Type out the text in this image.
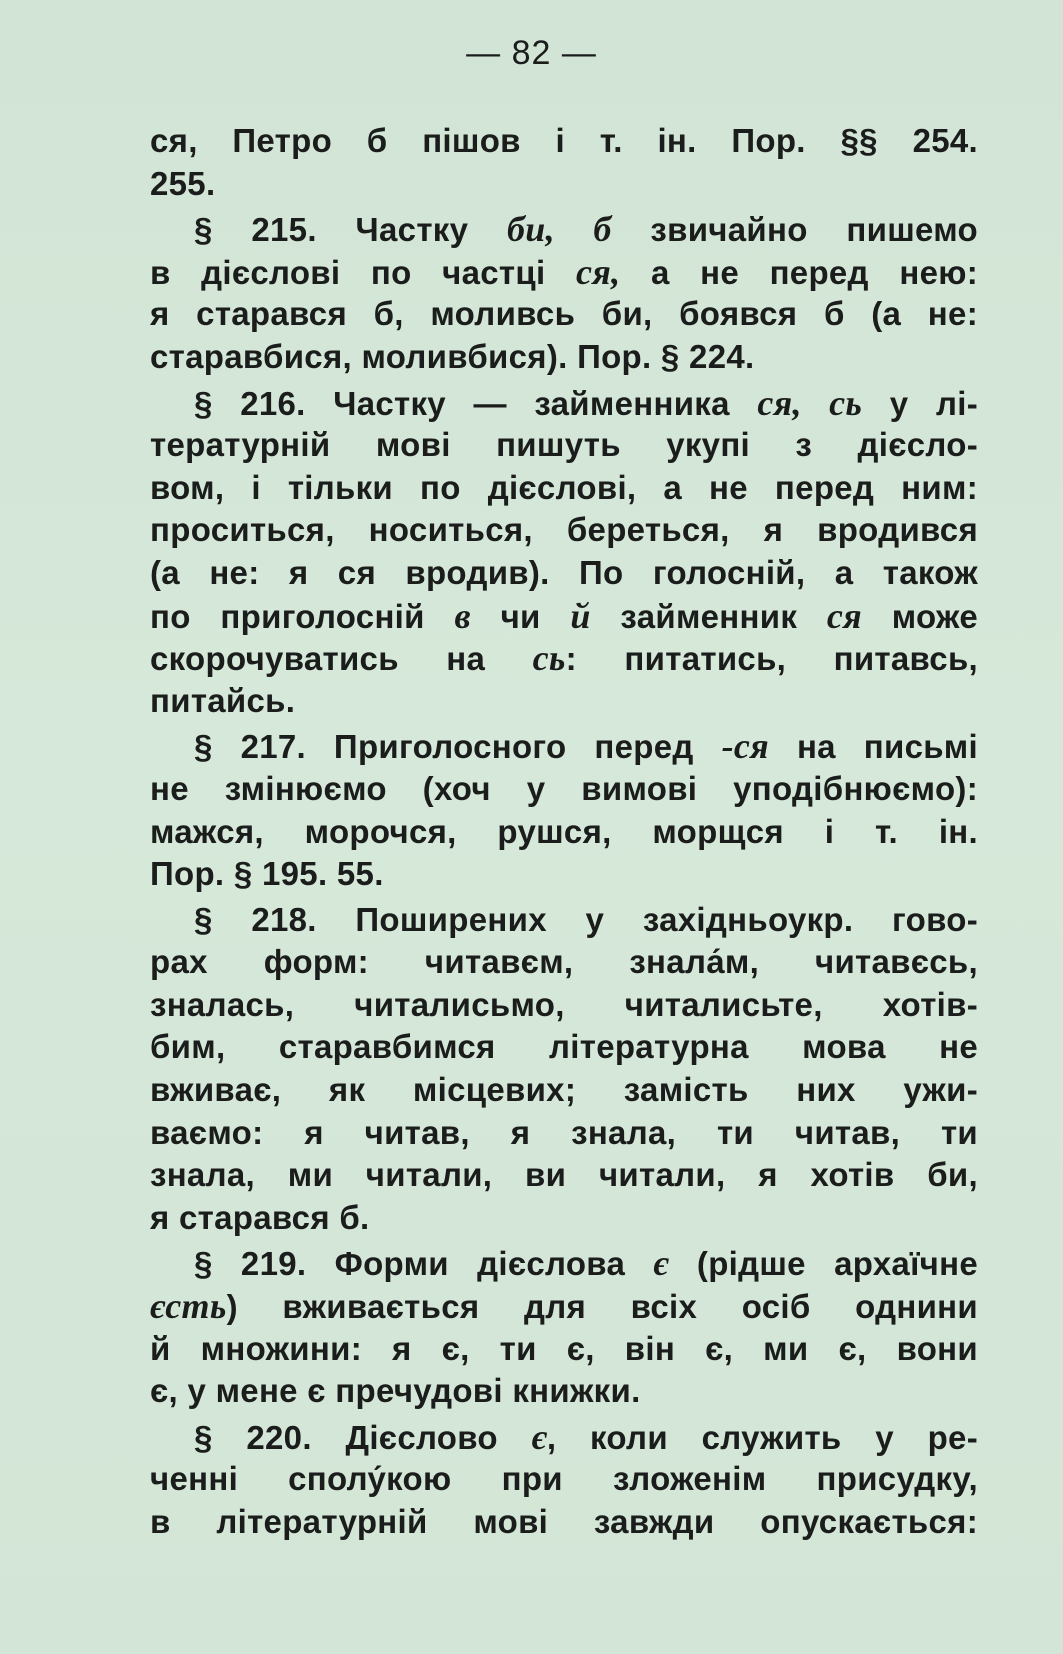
— 82 —
ся, Петро б пішов і т. ін. Пор. §§ 254.
255.
§ 215. Частку би, б звичайно пишемо
в дієслові по частці ся, а не перед нею:
я старався б, моливсь би, боявся б (а не:
старавбися, моливбися). Пор. § 224.
§ 216. Частку — займенника ся, сь у лі-
тературній мові пишуть укупі з дієсло-
вом, і тільки по дієслові, а не перед ним:
проситься, носиться, береться, я вродився
(а не: я ся вродив). По голосній, а також
по приголосній в чи й займенник ся може
скорочуватись на сь: питатись, питавсь,
питайсь.
§ 217. Приголосного перед -ся на письмі
не змінюємо (хоч у вимові уподібнюємо):
мажся, морочся, рушся, морщся і т. ін.
Пор. § 195. 55.
§ 218. Поширених у західньоукр. гово-
рах форм: читавєм, знала́м, читавєсь,
зналась, читалисьмо, читалисьте, хотів-
бим, старавбимся літературна мова не
вживає, як місцевих; замість них ужи-
ваємо: я читав, я знала, ти читав, ти
знала, ми читали, ви читали, я хотів би,
я старався б.
§ 219. Форми дієслова є (рідше архаїчне
єсть) вживається для всіх осіб однини
й множини: я є, ти є, він є, ми є, вони
є, у мене є пречудові книжки.
§ 220. Дієслово є, коли служить у ре-
ченні сполу́кою при зложенім присудку,
в літературній мові завжди опускається:
